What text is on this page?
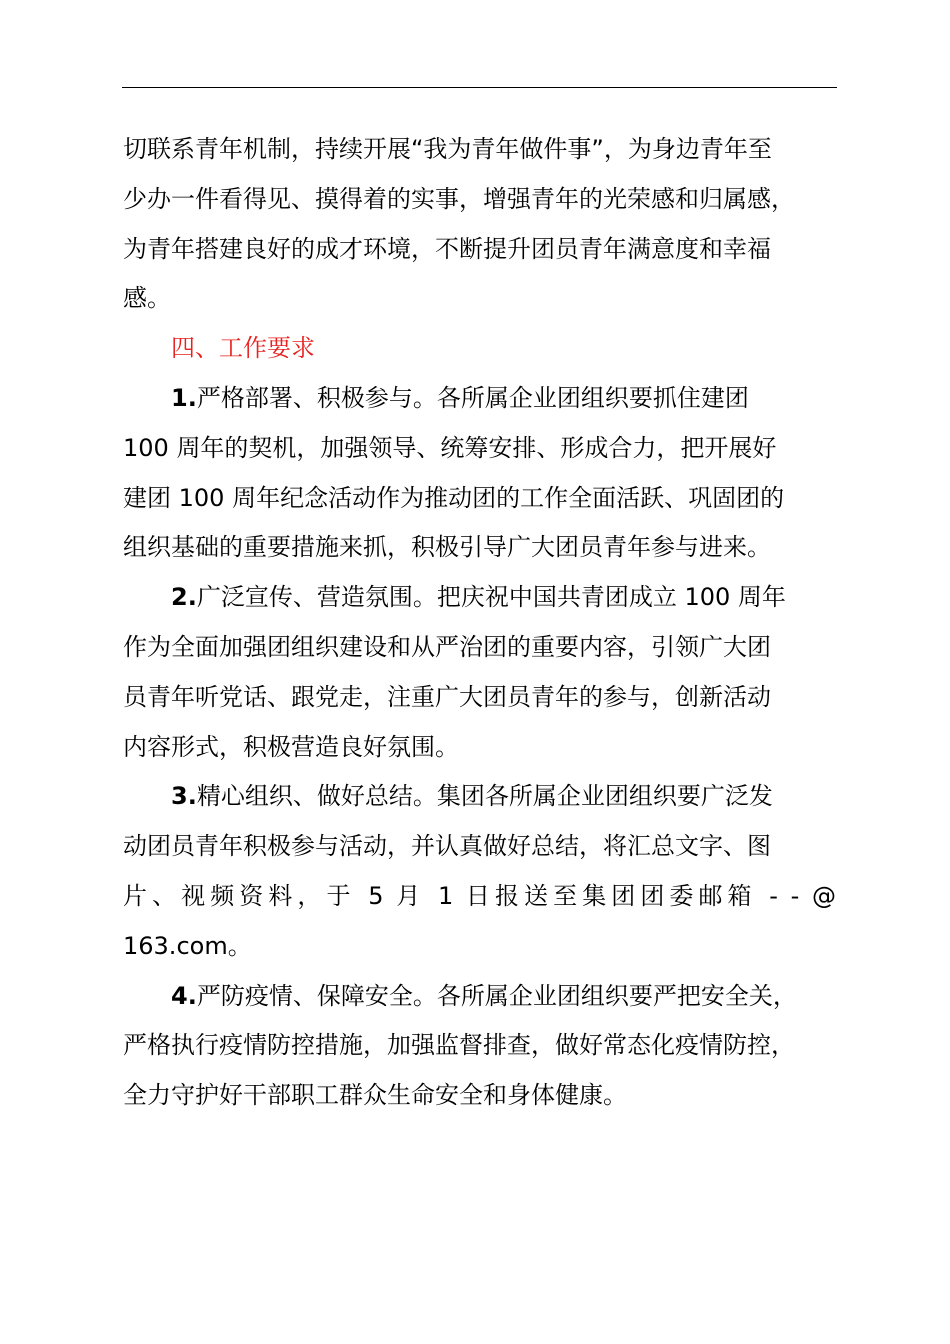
切联系青年机制，持续开展“我为青年做件事”，为身边青年至
少办一件看得见、摸得着的实事，增强青年的光荣感和归属感，
为青年搭建良好的成才环境，不断提升团员青年满意度和幸福
感。
四、工作要求
1.严格部署、积极参与。各所属企业团组织要抓住建团
100 周年的契机，加强领导、统筹安排、形成合力，把开展好
建团 100 周年纪念活动作为推动团的工作全面活跃、巩固团的
组织基础的重要措施来抓，积极引导广大团员青年参与进来。
2.广泛宣传、营造氛围。把庆祝中国共青团成立 100 周年
作为全面加强团组织建设和从严治团的重要内容，引领广大团
员青年听党话、跟党走，注重广大团员青年的参与，创新活动
内容形式，积极营造良好氛围。
3.精心组织、做好总结。集团各所属企业团组织要广泛发
动团员青年积极参与活动，并认真做好总结，将汇总文字、图
片、视频资料，于 5 月 1 日报送至集团团委邮箱 - - @
163.com。
4.严防疫情、保障安全。各所属企业团组织要严把安全关，
严格执行疫情防控措施，加强监督排查，做好常态化疫情防控，
全力守护好干部职工群众生命安全和身体健康。
